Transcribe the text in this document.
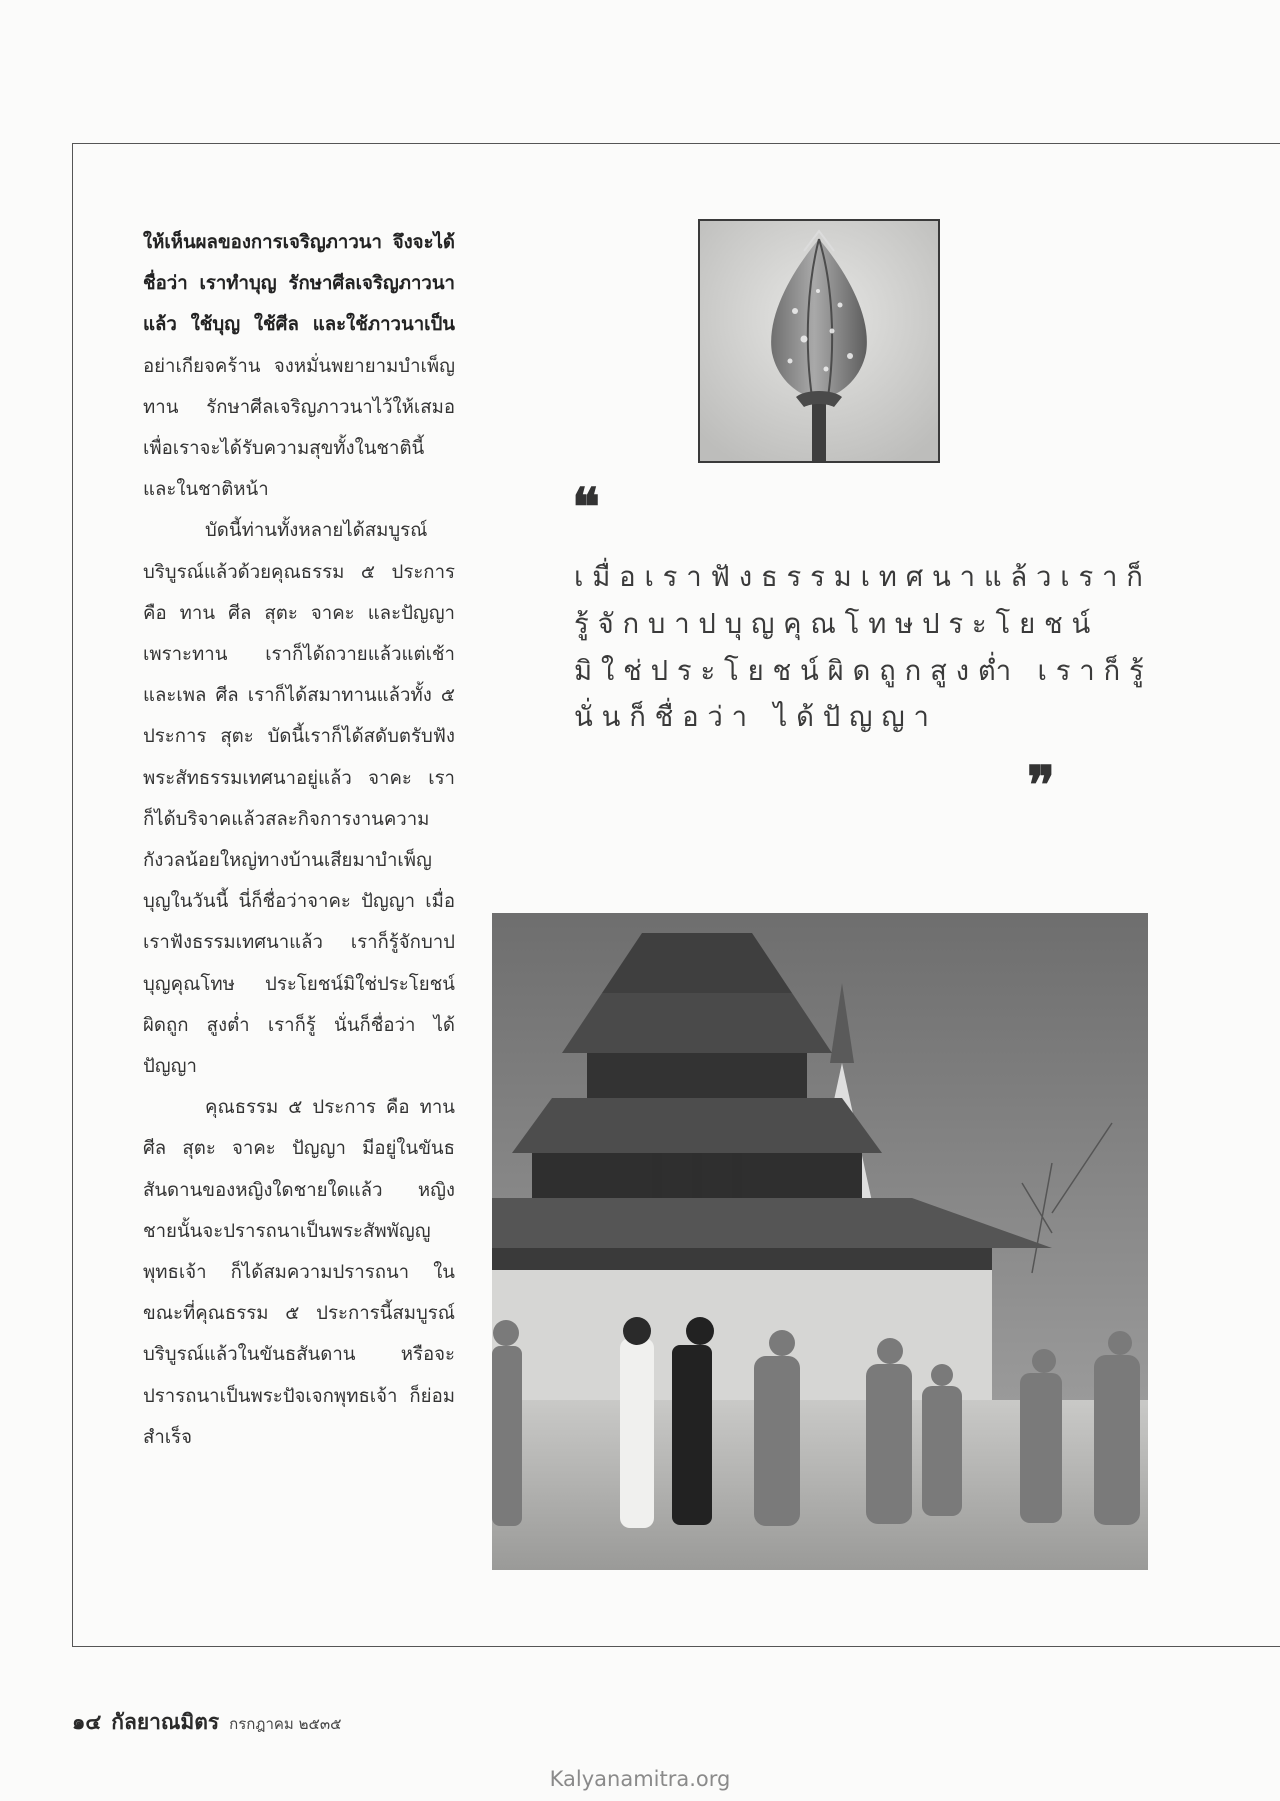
ให้เห็นผลของการเจริญภาวนา จึงจะได้ชื่อว่า เราทำบุญ รักษาศีลเจริญภาวนาแล้ว ใช้บุญ ใช้ศีล และใช้ภาวนาเป็น อย่าเกียจคร้าน จงหมั่นพยายามบำเพ็ญทาน รักษาศีลเจริญภาวนาไว้ให้เสมอ เพื่อเราจะได้รับความสุขทั้งในชาตินี้และในชาติหน้า

บัดนี้ท่านทั้งหลายได้สมบูรณ์บริบูรณ์แล้วด้วยคุณธรรม ๕ ประการ คือ ทาน ศีล สุตะ จาคะ และปัญญา เพราะทาน เราก็ได้ถวายแล้วแต่เช้าและเพล ศีล เราก็ได้สมาทานแล้วทั้ง ๕ ประการ สุตะ บัดนี้เราก็ได้สดับตรับฟังพระสัทธรรมเทศนาอยู่แล้ว จาคะ เราก็ได้บริจาคแล้วสละกิจการงานความกังวลน้อยใหญ่ทางบ้านเสียมาบำเพ็ญบุญในวันนี้ นี่ก็ชื่อว่าจาคะ ปัญญา เมื่อเราฟังธรรมเทศนาแล้ว เราก็รู้จักบาปบุญคุณโทษ ประโยชน์มิใช่ประโยชน์ ผิดถูก สูงต่ำ เราก็รู้ นั่นก็ชื่อว่า ได้ปัญญา

คุณธรรม ๕ ประการ คือ ทาน ศีล สุตะ จาคะ ปัญญา มีอยู่ในขันธสันดานของหญิงใดชายใดแล้ว หญิงชายนั้นจะปรารถนาเป็นพระสัพพัญญูพุทธเจ้า ก็ได้สมความปรารถนา ในขณะที่คุณธรรม ๕ ประการนี้สมบูรณ์บริบูรณ์แล้วในขันธสันดาน หรือจะปรารถนาเป็นพระปัจเจกพุทธเจ้า ก็ย่อมสำเร็จ

❝

เมื่อเราฟังธรรมเทศนาแล้วเราก็

รู้จักบาปบุญคุณโทษประโยชน์

มิใช่ประโยชน์ผิดถูกสูงต่ำ เราก็รู้

นั่นก็ชื่อว่า ได้ปัญญา

❞
๑๔ กัลยาณมิตร กรกฎาคม ๒๕๓๕
Kalyanamitra.org
